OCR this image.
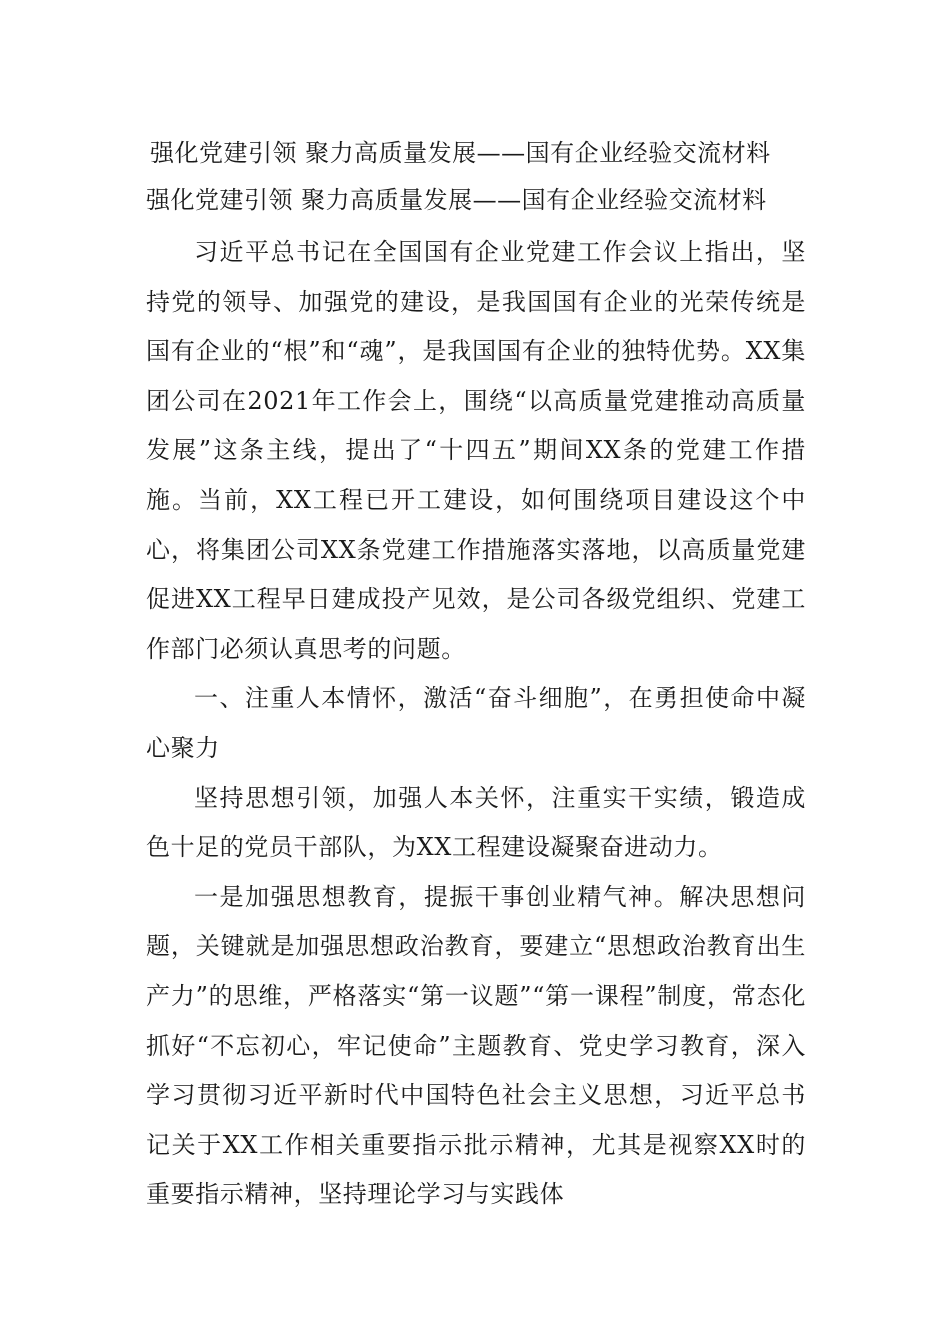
强化党建引领 聚力高质量发展——国有企业经验交流材料
强化党建引领 聚力高质量发展——国有企业经验交流材料

习近平总书记在全国国有企业党建工作会议上指出，坚持党的领导、加强党的建设，是我国国有企业的光荣传统是国有企业的“根”和“魂”，是我国国有企业的独特优势。XX集团公司在2021年工作会上，围绕“以高质量党建推动高质量发展”这条主线，提出了“十四五”期间XX条的党建工作措施。当前，XX工程已开工建设，如何围绕项目建设这个中心，将集团公司XX条党建工作措施落实落地，以高质量党建促进XX工程早日建成投产见效，是公司各级党组织、党建工作部门必须认真思考的问题。

一、注重人本情怀，激活“奋斗细胞”，在勇担使命中凝心聚力

坚持思想引领，加强人本关怀，注重实干实绩，锻造成色十足的党员干部队，为XX工程建设凝聚奋进动力。

一是加强思想教育，提振干事创业精气神。解决思想问题，关键就是加强思想政治教育，要建立“思想政治教育出生产力”的思维，严格落实“第一议题”“第一课程”制度，常态化抓好“不忘初心，牢记使命”主题教育、党史学习教育，深入学习贯彻习近平新时代中国特色社会主义思想，习近平总书记关于XX工作相关重要指示批示精神，尤其是视察XX时的重要指示精神，坚持理论学习与实践体
